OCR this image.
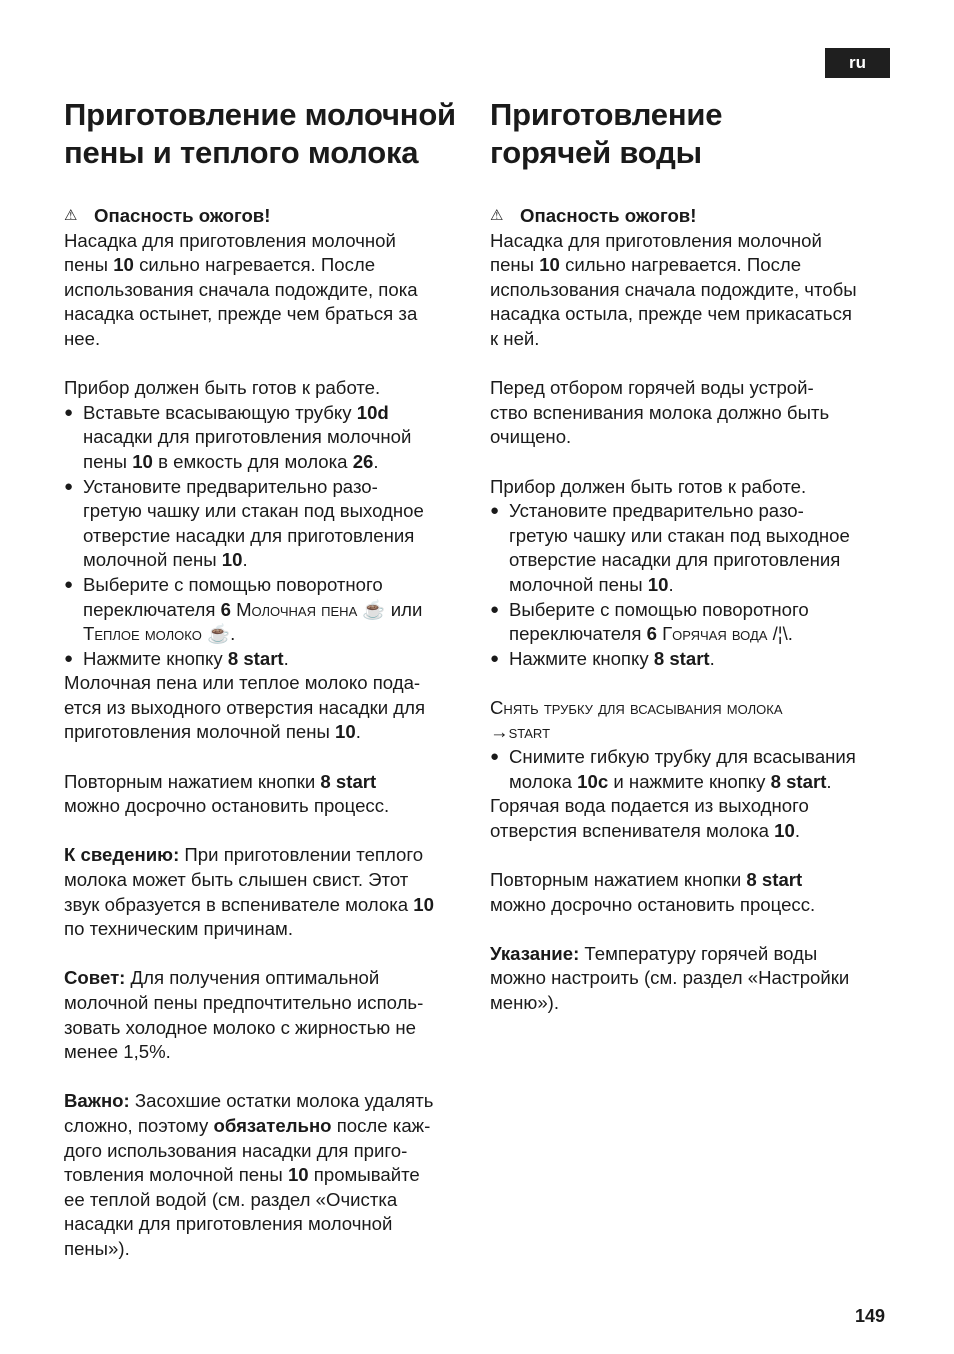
ru
Приготовление молочной
пены и теплого молока
⚠ Опасность ожогов!

Насадка для приготовления молочной
пены 10 сильно нагревается. После
использования сначала подождите, пока
насадка остынет, прежде чем браться за
нее.

Прибор должен быть готов к работе.

● Вставьте всасывающую трубку 10d
насадки для приготовления молочной
пены 10 в емкость для молока 26.
● Установите предварительно разо-
гретую чашку или стакан под выходное
отверстие насадки для приготовления
молочной пены 10.
● Выберите с помощью поворотного
переключателя 6 Молочная пена ☕ или
Теплое молоко ☕.
● Нажмите кнопку 8 start.

Молочная пена или теплое молоко пода-
ется из выходного отверстия насадки для
приготовления молочной пены 10.

Повторным нажатием кнопки 8 start
можно досрочно остановить процесс.

К сведению: При приготовлении теплого
молока может быть слышен свист. Этот
звук образуется в вспенивателе молока 10
по техническим причинам.

Совет: Для получения оптимальной
молочной пены предпочтительно исполь-
зовать холодное молоко с жирностью не
менее 1,5%.

Важно: Засохшие остатки молока удалять
сложно, поэтому обязательно после каж-
дого использования насадки для приго-
товления молочной пены 10 промывайте
ее теплой водой (см. раздел «Очистка
насадки для приготовления молочной
пены»).

Приготовление
горячей воды
⚠ Опасность ожогов!

Насадка для приготовления молочной
пены 10 сильно нагревается. После
использования сначала подождите, чтобы
насадка остыла, прежде чем прикасаться
к ней.

Перед отбором горячей воды устрой-
ство вспенивания молока должно быть
очищено.

Прибор должен быть готов к работе.

● Установите предварительно разо-
гретую чашку или стакан под выходное
отверстие насадки для приготовления
молочной пены 10.
● Выберите с помощью поворотного
переключателя 6 Горячая вода /¦\.
● Нажмите кнопку 8 start.

Снять трубку для всасывания молока
→start

● Снимите гибкую трубку для всасывания
молока 10c и нажмите кнопку 8 start.

Горячая вода подается из выходного
отверстия вспенивателя молока 10.

Повторным нажатием кнопки 8 start
можно досрочно остановить процесс.

Указание: Температуру горячей воды
можно настроить (см. раздел «Настройки
меню»).

149
